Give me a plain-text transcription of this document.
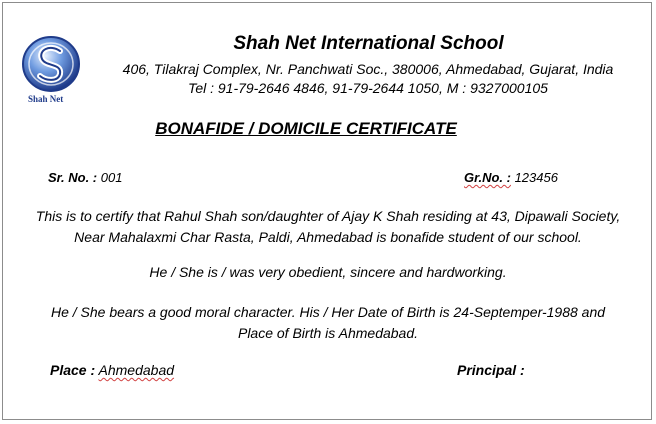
Shah Net
Shah Net International School
406, Tilakraj Complex, Nr. Panchwati Soc., 380006, Ahmedabad, Gujarat, India
Tel : 91-79-2646 4846, 91-79-2644 1050, M : 9327000105
BONAFIDE / DOMICILE CERTIFICATE
Sr. No. : 001	Gr.No. : 123456
This is to certify that Rahul Shah son/daughter of Ajay K Shah residing at 43, Dipawali Society,
Near Mahalaxmi Char Rasta, Paldi, Ahmedabad is bonafide student of our school.
He / She is / was very obedient, sincere and hardworking.
He / She bears a good moral character. His / Her Date of Birth is 24-Septemper-1988 and
Place of Birth is Ahmedabad.
Place : Ahmedabad	Principal :
